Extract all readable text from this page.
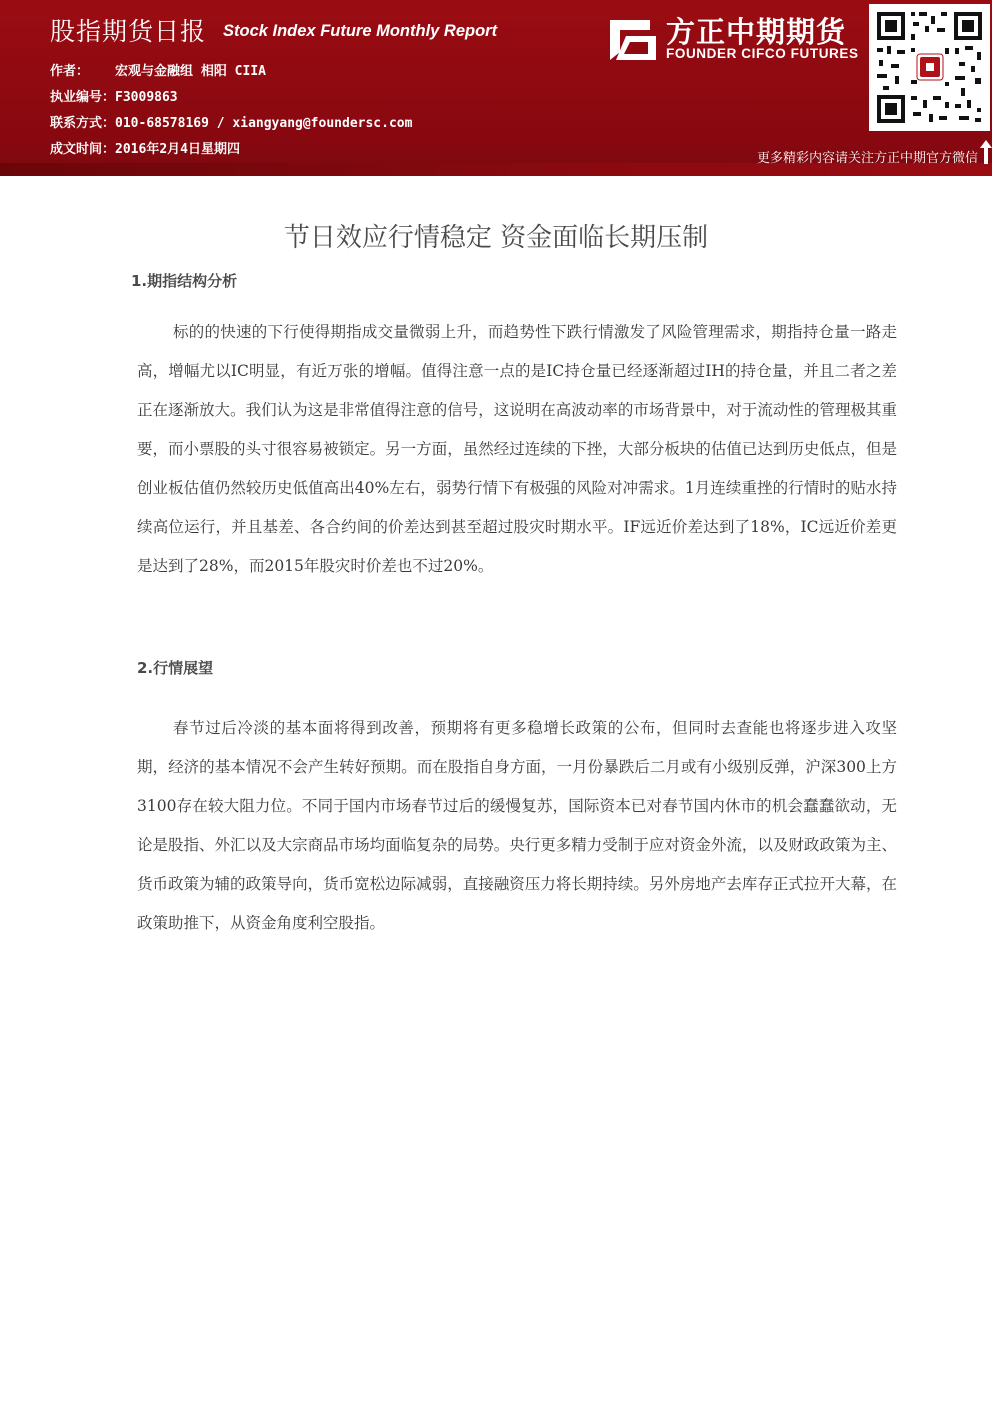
股指期货日报 Stock Index Future Monthly Report
作者： 宏观与金融组 相阳 CIIA
执业编号：F3009863
联系方式：010-68578169 / xiangyang@foundersc.com
成文时间：2016年2月4日星期四
方正中期期货
FOUNDER CIFCO FUTURES
更多精彩内容请关注方正中期官方微信
节日效应行情稳定 资金面临长期压制
1.期指结构分析

标的的快速的下行使得期指成交量微弱上升，而趋势性下跌行情激发了风险管理需求，期指持仓量一路走高，增幅尤以IC明显，有近万张的增幅。值得注意一点的是IC持仓量已经逐渐超过IH的持仓量，并且二者之差正在逐渐放大。我们认为这是非常值得注意的信号，这说明在高波动率的市场背景中，对于流动性的管理极其重要，而小票股的头寸很容易被锁定。另一方面，虽然经过连续的下挫，大部分板块的估值已达到历史低点，但是创业板估值仍然较历史低值高出40%左右，弱势行情下有极强的风险对冲需求。1月连续重挫的行情时的贴水持续高位运行，并且基差、各合约间的价差达到甚至超过股灾时期水平。IF远近价差达到了18%，IC远近价差更是达到了28%，而2015年股灾时价差也不过20%。

2.行情展望

春节过后冷淡的基本面将得到改善，预期将有更多稳增长政策的公布，但同时去查能也将逐步进入攻坚期，经济的基本情况不会产生转好预期。而在股指自身方面，一月份暴跌后二月或有小级别反弹，沪深300上方3100存在较大阻力位。不同于国内市场春节过后的缓慢复苏，国际资本已对春节国内休市的机会蠢蠢欲动，无论是股指、外汇以及大宗商品市场均面临复杂的局势。央行更多精力受制于应对资金外流，以及财政政策为主、货币政策为辅的政策导向，货币宽松边际减弱，直接融资压力将长期持续。另外房地产去库存正式拉开大幕，在政策助推下，从资金角度利空股指。
